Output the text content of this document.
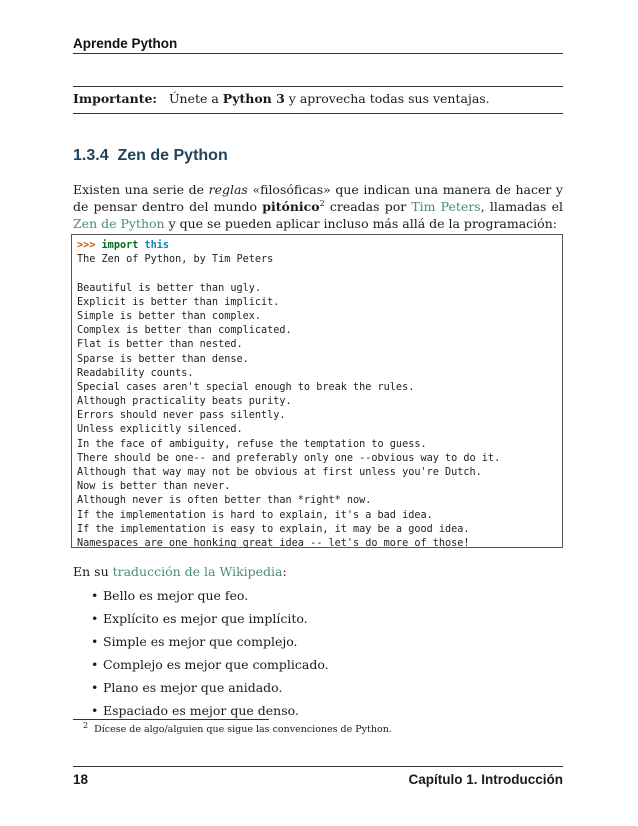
Aprende Python
Importante: Únete a Python 3 y aprovecha todas sus ventajas.
1.3.4 Zen de Python
Existen una serie de reglas «filosóficas» que indican una manera de hacer y de pensar dentro del mundo pitónico$^2$ creadas por Tim Peters, llamadas el Zen de Python y que se pueden aplicar incluso más allá de la programación:
>>> import this
The Zen of Python, by Tim Peters
Beautiful is better than ugly.
Explicit is better than implicit.
Simple is better than complex.
Complex is better than complicated.
Flat is better than nested.
Sparse is better than dense.
Readability counts.
Special cases aren't special enough to break the rules.
Although practicality beats purity.
Errors should never pass silently.
Unless explicitly silenced.
In the face of ambiguity, refuse the temptation to guess.
There should be one-- and preferably only one --obvious way to do it.
Although that way may not be obvious at first unless you're Dutch.
Now is better than never.
Although never is often better than *right* now.
If the implementation is hard to explain, it's a bad idea.
If the implementation is easy to explain, it may be a good idea.
Namespaces are one honking great idea -- let's do more of those!
En su traducción de la Wikipedia:
• Bello es mejor que feo.
• Explícito es mejor que implícito.
• Simple es mejor que complejo.
• Complejo es mejor que complicado.
• Plano es mejor que anidado.
• Espaciado es mejor que denso.
$^2$ Dícese de algo/alguien que sigue las convenciones de Python.
18	Capítulo 1. Introducción
